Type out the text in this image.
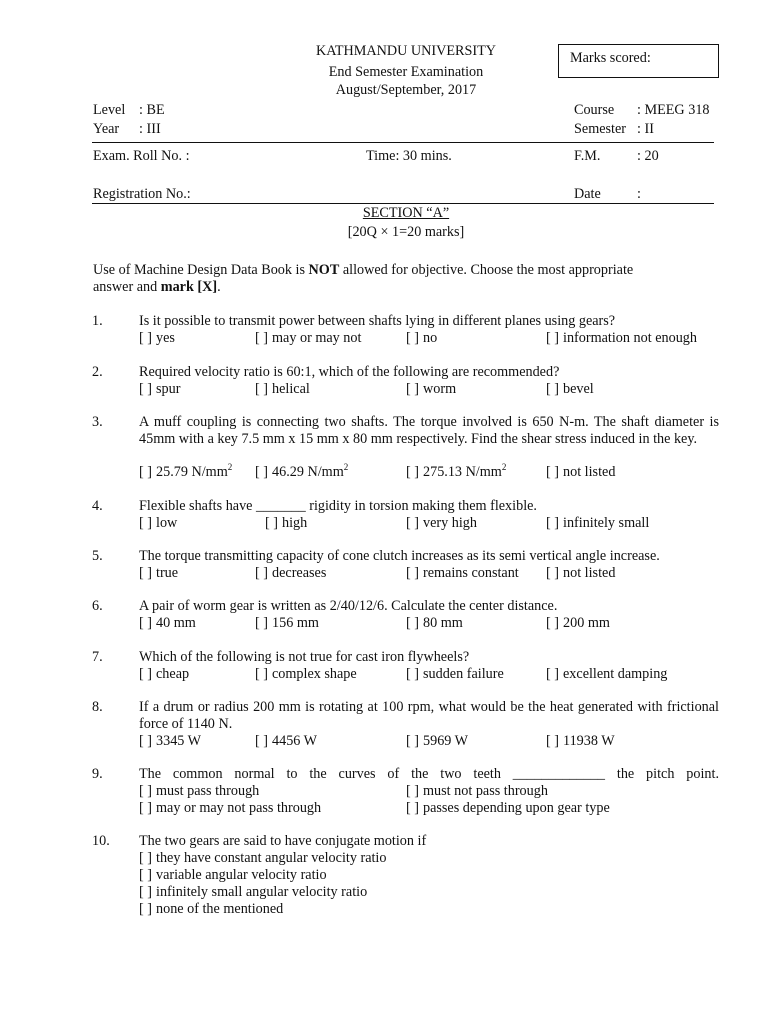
KATHMANDU UNIVERSITY
End Semester Examination
August/September, 2017
Marks scored:
Level : BE
Year : III
Course : MEEG 318
Semester : II
Exam. Roll No. :	Time: 30 mins.	F.M.	: 20
Registration No.:	Date	:
SECTION “A”
[20Q × 1=20 marks]
Use of Machine Design Data Book is NOT allowed for objective. Choose the most appropriate
answer and mark [X].
1.	Is it possible to transmit power between shafts lying in different planes using gears?
[ ] yes	[ ] may or may not	[ ] no	[ ] information not enough
2.	Required velocity ratio is 60:1, which of the following are recommended?
[ ] spur	[ ] helical	[ ] worm	[ ] bevel
3.	A muff coupling is connecting two shafts. The torque involved is 650 N-m. The shaft diameter is 45mm with a key 7.5 mm x 15 mm x 80 mm respectively. Find the shear stress induced in the key.
[ ] 25.79 $N/mm^2$ [ ] 46.29 $N/mm^2$	[ ] 275.13 $N/mm^2$	[ ] not listed
4.	Flexible shafts have _______ rigidity in torsion making them flexible.
[ ] low	[ ] high	[ ] very high	[ ] infinitely small
5.	The torque transmitting capacity of cone clutch increases as its semi vertical angle increase.
[ ] true	[ ] decreases	[ ] remains constant [ ] not listed
6.	A pair of worm gear is written as 2/40/12/6. Calculate the center distance.
[ ] 40 mm	[ ] 156 mm	[ ] 80 mm	[ ] 200 mm
7.	Which of the following is not true for cast iron flywheels?
[ ] cheap	[ ] complex shape	[ ] sudden failure	[ ] excellent damping
8.	If a drum or radius 200 mm is rotating at 100 rpm, what would be the heat generated with frictional force of 1140 N.
[ ] 3345 W	[ ] 4456 W	[ ] 5969 W	[ ] 11938 W
9.	The common normal to the curves of the two teeth _____________ the pitch point.
[ ] must pass through	[ ] must not pass through
[ ] may or may not pass through	[ ] passes depending upon gear type
10. The two gears are said to have conjugate motion if
[ ] they have constant angular velocity ratio
[ ] variable angular velocity ratio
[ ] infinitely small angular velocity ratio
[ ] none of the mentioned
